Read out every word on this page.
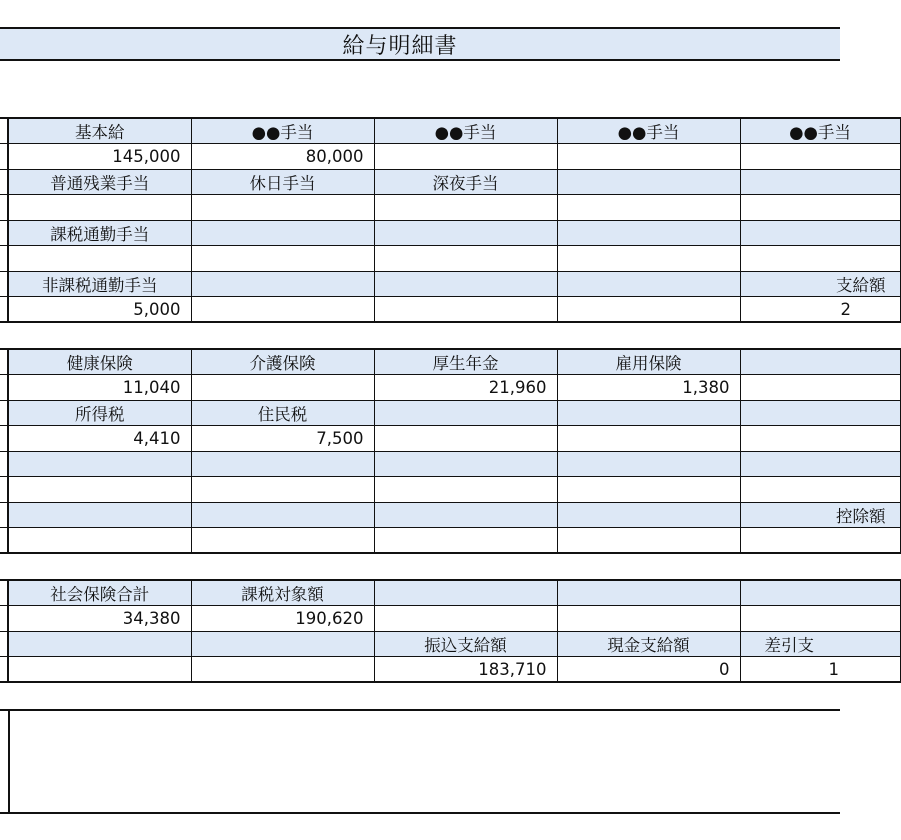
給与明細書
	基本給	●●手当	●●手当	●●手当	●●手当
	145,000	80,000			
	普通残業手当	休日手当	深夜手当		

	課税通勤手当				

	非課税通勤手当				支給額
	5,000				2
	健康保険	介護保険	厚生年金	雇用保険	
	11,040		21,960	1,380	
	所得税	住民税			
	4,410	7,500			

					控除額

	社会保険合計	課税対象額			
	34,380	190,620			
			振込支給額	現金支給額	差引支
			183,710	0	1
